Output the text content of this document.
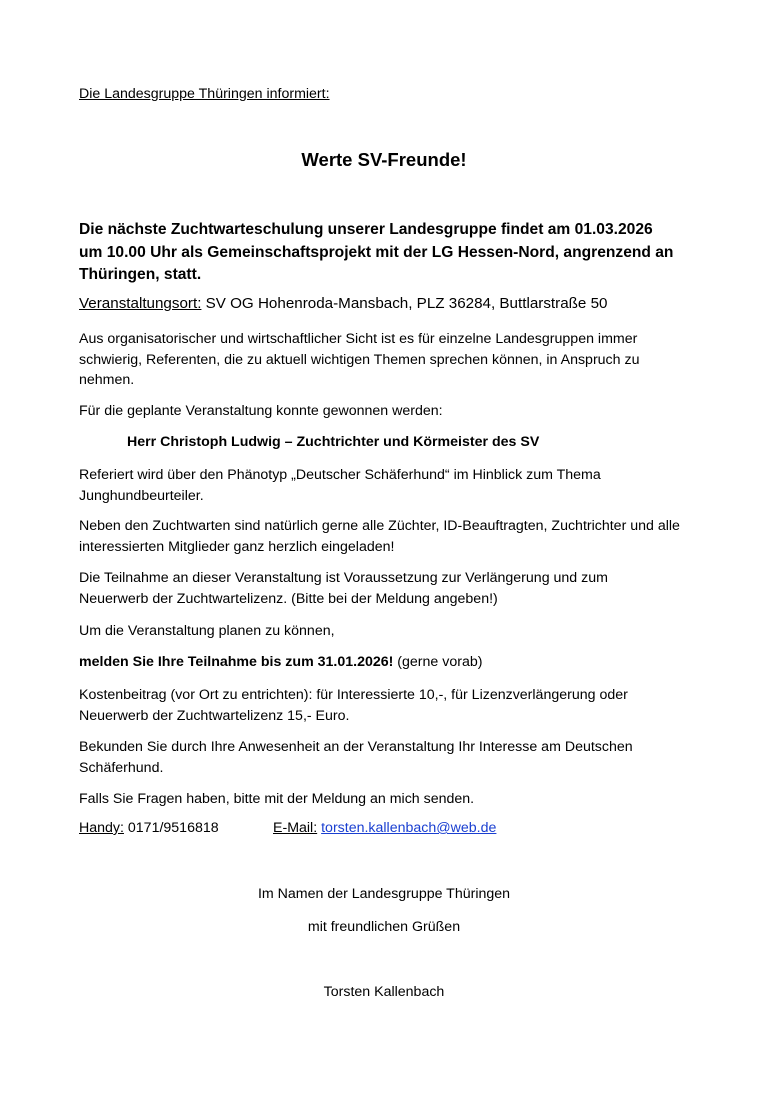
Die Landesgruppe Thüringen informiert:
Werte SV-Freunde!

Die nächste Zuchtwarteschulung unserer Landesgruppe findet am 01.03.2026 um 10.00 Uhr als Gemeinschaftsprojekt mit der LG Hessen-Nord, angrenzend an Thüringen, statt.

Veranstaltungsort: SV OG Hohenroda-Mansbach, PLZ 36284, Buttlarstraße 50

Aus organisatorischer und wirtschaftlicher Sicht ist es für einzelne Landesgruppen immer schwierig, Referenten, die zu aktuell wichtigen Themen sprechen können, in Anspruch zu nehmen.

Für die geplante Veranstaltung konnte gewonnen werden:

Herr Christoph Ludwig – Zuchtrichter und Körmeister des SV

Referiert wird über den Phänotyp „Deutscher Schäferhund“ im Hinblick zum Thema Junghundbeurteiler.

Neben den Zuchtwarten sind natürlich gerne alle Züchter, ID-Beauftragten, Zuchtrichter und alle interessierten Mitglieder ganz herzlich eingeladen!

Die Teilnahme an dieser Veranstaltung ist Voraussetzung zur Verlängerung und zum Neuerwerb der Zuchtwartelizenz. (Bitte bei der Meldung angeben!)

Um die Veranstaltung planen zu können,

melden Sie Ihre Teilnahme bis zum 31.01.2026! (gerne vorab)

Kostenbeitrag (vor Ort zu entrichten): für Interessierte 10,-, für Lizenzverlängerung oder Neuerwerb der Zuchtwartelizenz 15,- Euro.

Bekunden Sie durch Ihre Anwesenheit an der Veranstaltung Ihr Interesse am Deutschen Schäferhund.

Falls Sie Fragen haben, bitte mit der Meldung an mich senden.

Handy: 0171/9516818	E-Mail: torsten.kallenbach@web.de
Im Namen der Landesgruppe Thüringen
mit freundlichen Grüßen
Torsten Kallenbach
